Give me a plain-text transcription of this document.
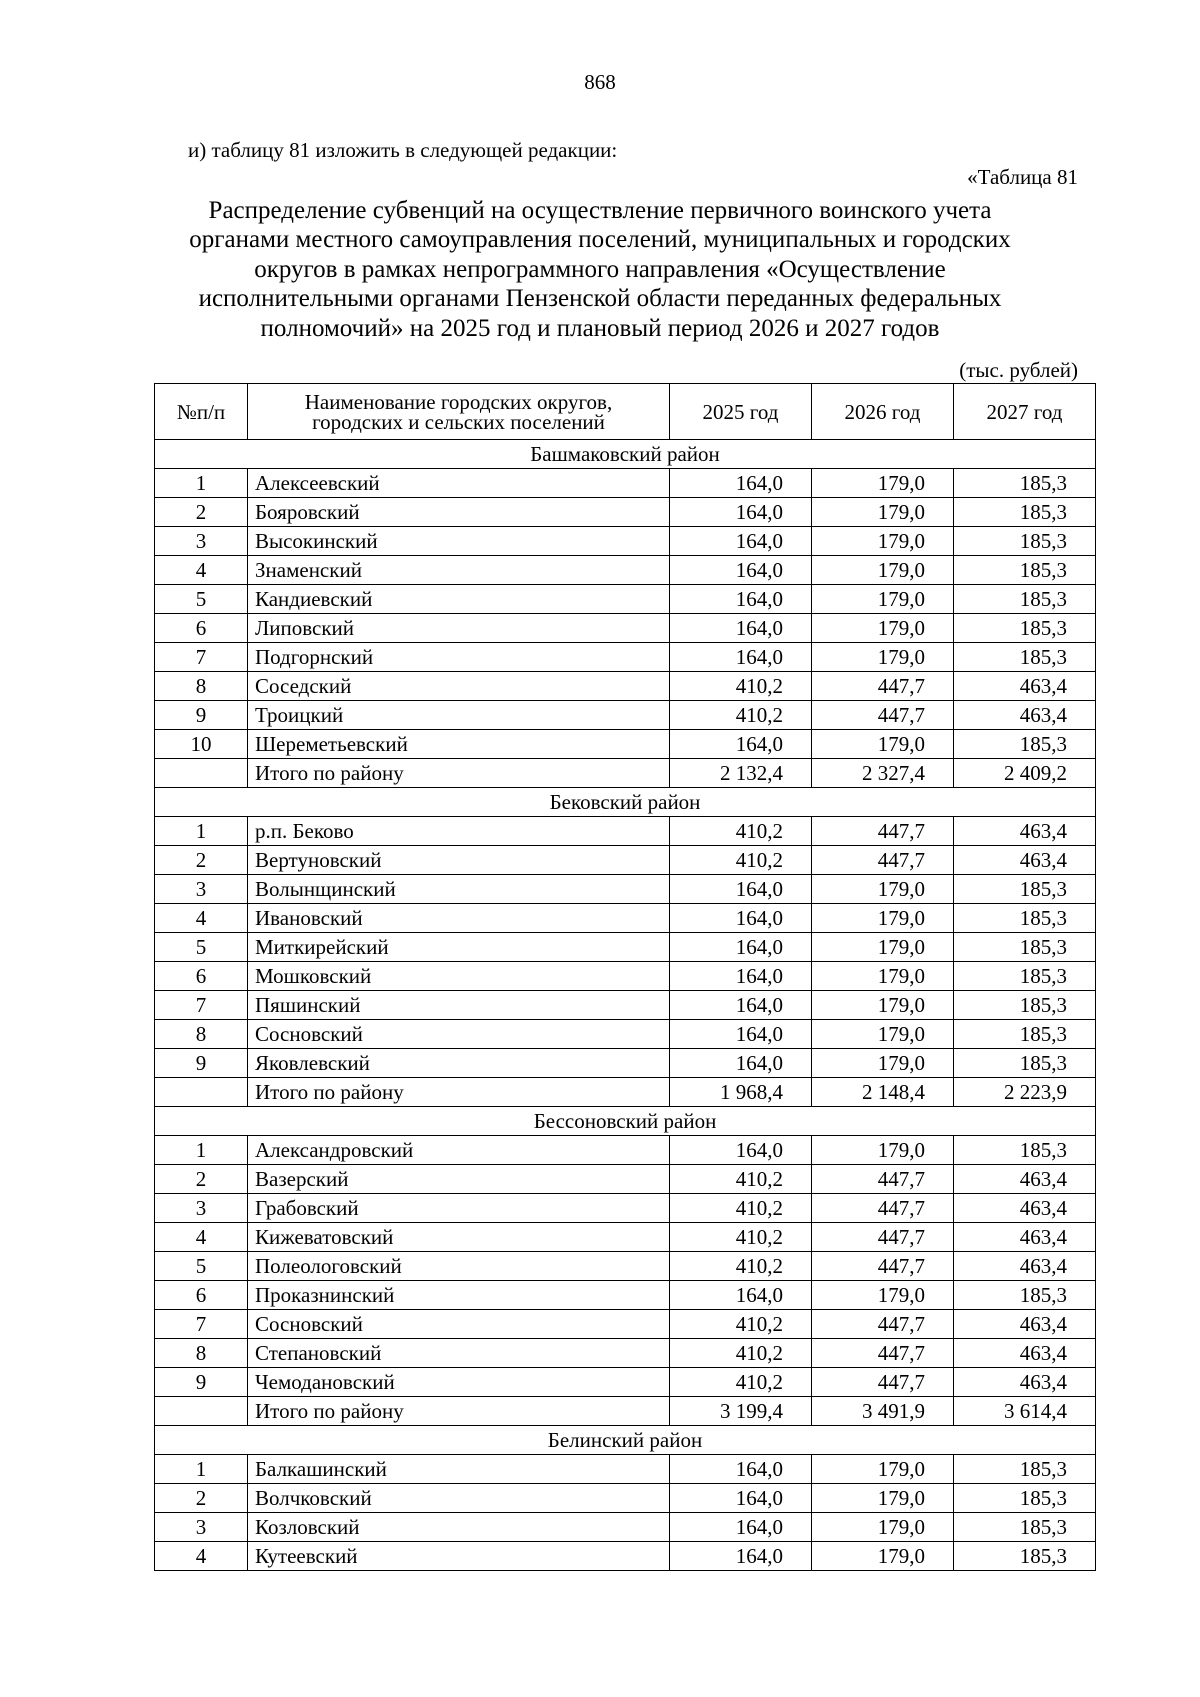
868
и) таблицу 81 изложить в следующей редакции:
«Таблица 81
Распределение субвенций на осуществление первичного воинского учета
органами местного самоуправления поселений, муниципальных и городских
округов в рамках непрограммного направления «Осуществление
исполнительными органами Пензенской области переданных федеральных
полномочий» на 2025 год и плановый период 2026 и 2027 годов
(тыс. рублей)
№п/п	Наименование городских округов,
городских и сельских поселений	2025 год	2026 год	2027 год
Башмаковский район				
1	Алексеевский	164,0	179,0	185,3
2	Бояровский	164,0	179,0	185,3
3	Высокинский	164,0	179,0	185,3
4	Знаменский	164,0	179,0	185,3
5	Кандиевский	164,0	179,0	185,3
6	Липовский	164,0	179,0	185,3
7	Подгорнский	164,0	179,0	185,3
8	Соседский	410,2	447,7	463,4
9	Троицкий	410,2	447,7	463,4
10	Шереметьевский	164,0	179,0	185,3
	Итого по району	2 132,4	2 327,4	2 409,2
Бековский район				
1	р.п. Беково	410,2	447,7	463,4
2	Вертуновский	410,2	447,7	463,4
3	Волынщинский	164,0	179,0	185,3
4	Ивановский	164,0	179,0	185,3
5	Миткирейский	164,0	179,0	185,3
6	Мошковский	164,0	179,0	185,3
7	Пяшинский	164,0	179,0	185,3
8	Сосновский	164,0	179,0	185,3
9	Яковлевский	164,0	179,0	185,3
	Итого по району	1 968,4	2 148,4	2 223,9
Бессоновский район				
1	Александровский	164,0	179,0	185,3
2	Вазерский	410,2	447,7	463,4
3	Грабовский	410,2	447,7	463,4
4	Кижеватовский	410,2	447,7	463,4
5	Полеологовский	410,2	447,7	463,4
6	Проказнинский	164,0	179,0	185,3
7	Сосновский	410,2	447,7	463,4
8	Степановский	410,2	447,7	463,4
9	Чемодановский	410,2	447,7	463,4
	Итого по району	3 199,4	3 491,9	3 614,4
Белинский район				
1	Балкашинский	164,0	179,0	185,3
2	Волчковский	164,0	179,0	185,3
3	Козловский	164,0	179,0	185,3
4	Кутеевский	164,0	179,0	185,3
